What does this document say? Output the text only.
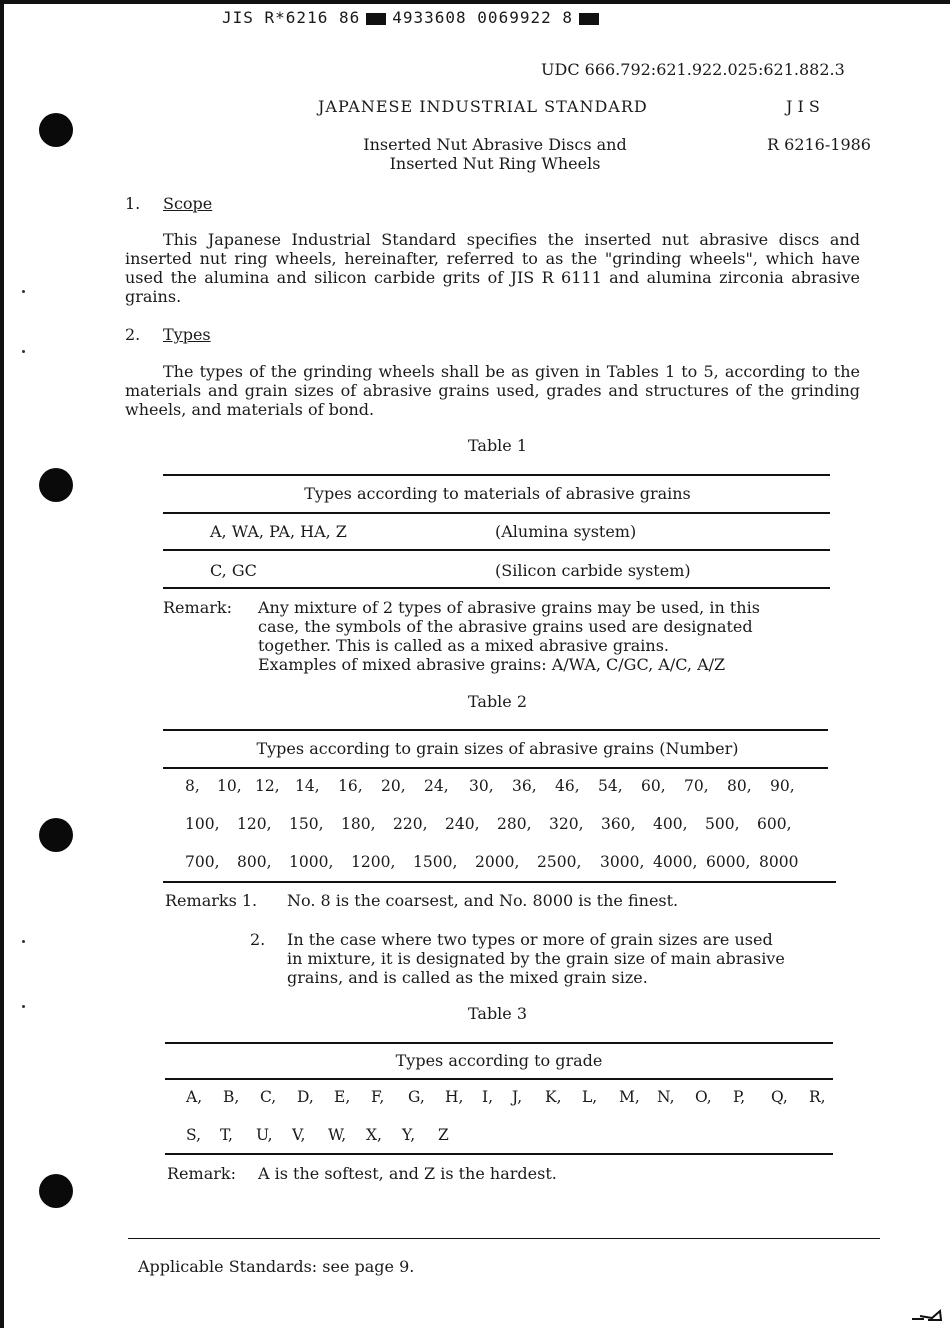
JIS R*6216 86 4933608 0069922 8
UDC 666.792:621.922.025:621.882.3
JAPANESE INDUSTRIAL STANDARD	J I S
Inserted Nut Abrasive Discs and
Inserted Nut Ring Wheels
R 6216-1986
1. Scope

This Japanese Industrial Standard specifies the inserted nut abrasive discs and inserted nut ring wheels, hereinafter, referred to as the "grinding wheels", which have used the alumina and silicon carbide grits of JIS R 6111 and alumina zirconia abrasive grains.

2. Types

The types of the grinding wheels shall be as given in Tables 1 to 5, according to the materials and grain sizes of abrasive grains used, grades and structures of the grinding wheels, and materials of bond.

Table 1
Types according to materials of abrasive grains
A, WA, PA, HA, Z	(Alumina system)
C, GC	(Silicon carbide system)
Remark: Any mixture of 2 types of abrasive grains may be used, in this
case, the symbols of the abrasive grains used are designated
together. This is called as a mixed abrasive grains.
Examples of mixed abrasive grains: A/WA, C/GC, A/C, A/Z
Table 2
Types according to grain sizes of abrasive grains (Number)
8,	10, 12, 14,	16,	20,	24,	30,	36,	46,	54,	60,	70,	80,	90,
100,	120,	150,	180,	220,	240,	280,	320,	360,	400,	500,	600,
700,	800,	1000,	1200,	1500,	2000,	2500,	3000, 4000, 6000, 8000
Remarks 1. No. 8 is the coarsest, and No. 8000 is the finest.
2. In the case where two types or more of grain sizes are used
in mixture, it is designated by the grain size of main abrasive
grains, and is called as the mixed grain size.
Table 3
Types according to grade
A,	B,	C,	D,	E,	F,	G,	H,	I,	J,	K,	L,	M,	N,	O,	P,	Q,	R,
S,	T,	U,	V,	W,	X,	Y,	Z
Remark: A is the softest, and Z is the hardest.
Applicable Standards: see page 9.
